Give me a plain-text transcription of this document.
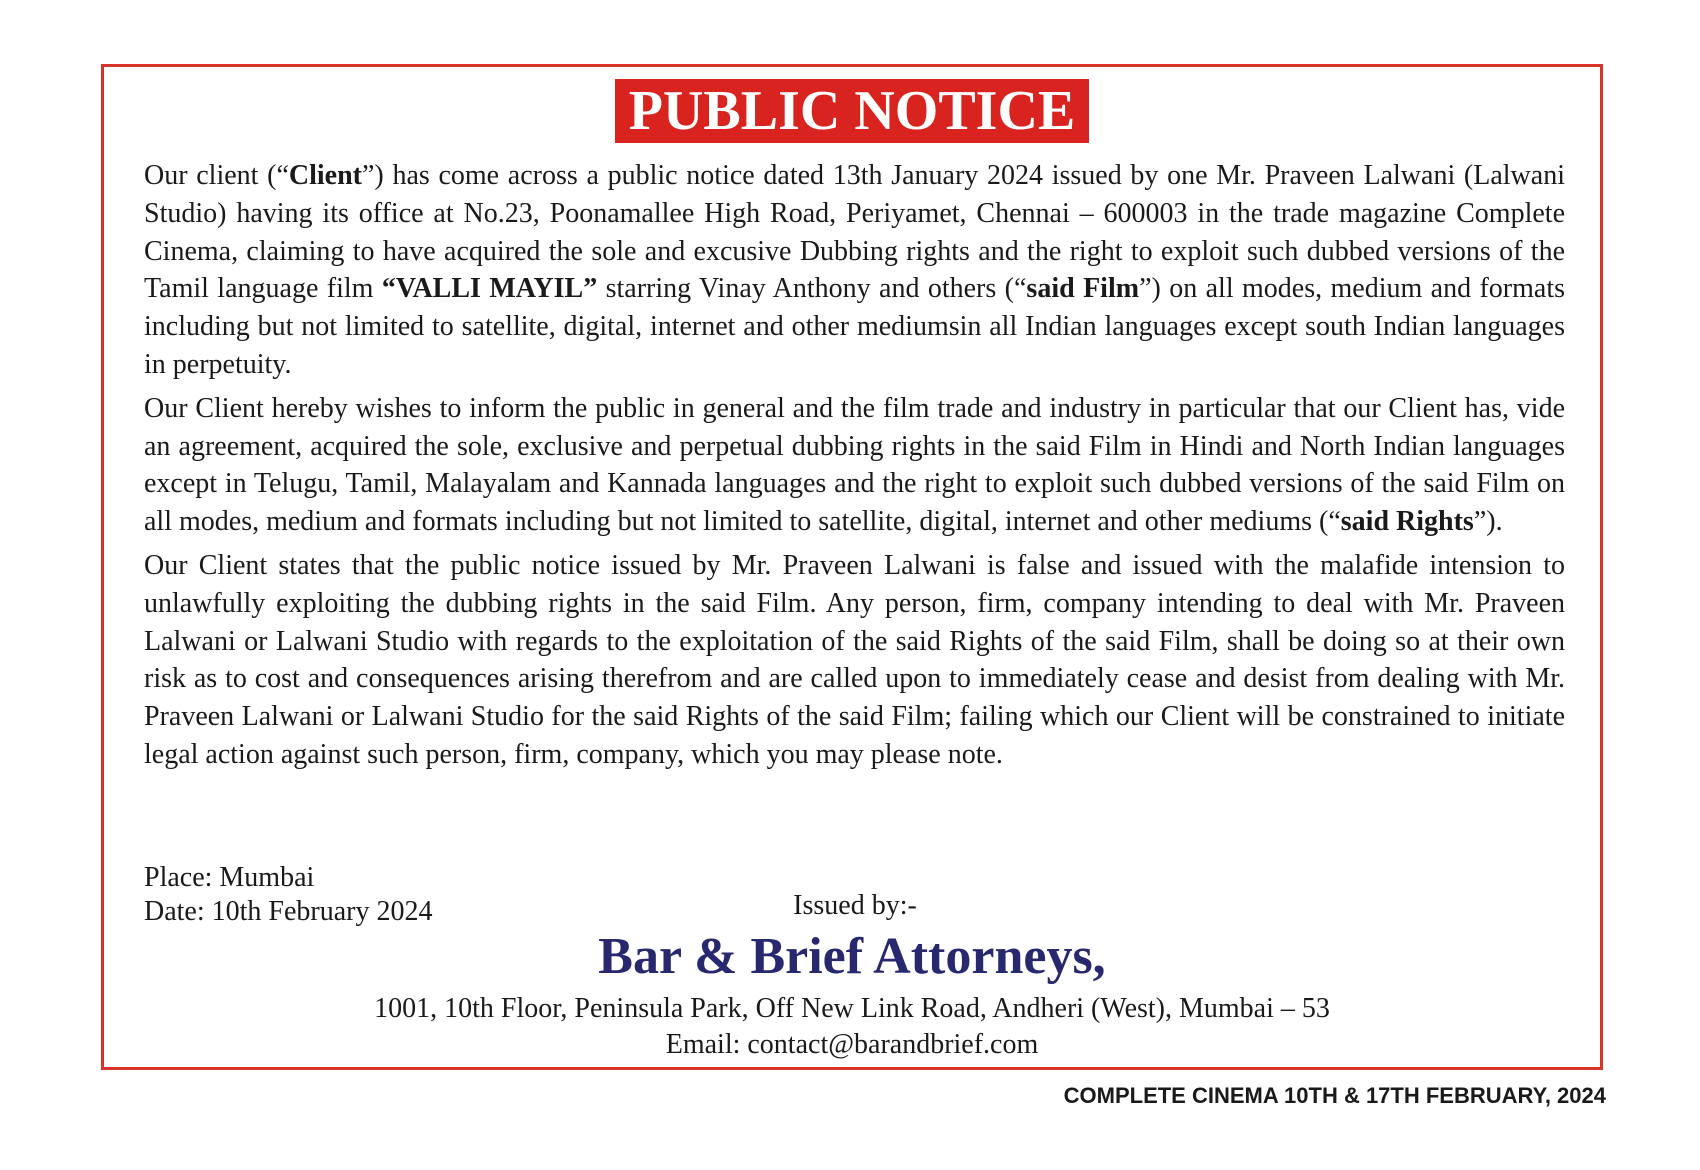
PUBLIC NOTICE

Our client (“Client”) has come across a public notice dated 13th January 2024 issued by one Mr. Praveen Lalwani (Lalwani Studio) having its office at No.23, Poonamallee High Road, Periyamet, Chennai – 600003 in the trade magazine Complete Cinema, claiming to have acquired the sole and excusive Dubbing rights and the right to exploit such dubbed versions of the Tamil language film “VALLI MAYIL” starring Vinay Anthony and others (“said Film”) on all modes, medium and formats including but not limited to satellite, digital, internet and other mediumsin all Indian languages except south Indian languages in perpetuity.

Our Client hereby wishes to inform the public in general and the film trade and industry in particular that our Client has, vide an agreement, acquired the sole, exclusive and perpetual dubbing rights in the said Film in Hindi and North Indian languages except in Telugu, Tamil, Malayalam and Kannada languages and the right to exploit such dubbed versions of the said Film on all modes, medium and formats including but not limited to satellite, digital, internet and other mediums (“said Rights”).

Our Client states that the public notice issued by Mr. Praveen Lalwani is false and issued with the malafide intension to unlawfully exploiting the dubbing rights in the said Film. Any person, firm, company intending to deal with Mr. Praveen Lalwani or Lalwani Studio with regards to the exploitation of the said Rights of the said Film, shall be doing so at their own risk as to cost and consequences arising therefrom and are called upon to immediately cease and desist from dealing with Mr. Praveen Lalwani or Lalwani Studio for the said Rights of the said Film; failing which our Client will be constrained to initiate legal action against such person, firm, company, which you may please note.

Place: Mumbai
Date: 10th February 2024	Issued by:-
Bar & Brief Attorneys,
1001, 10th Floor, Peninsula Park, Off New Link Road, Andheri (West), Mumbai – 53
Email: contact@barandbrief.com
COMPLETE CINEMA 10TH & 17TH FEBRUARY, 2024
